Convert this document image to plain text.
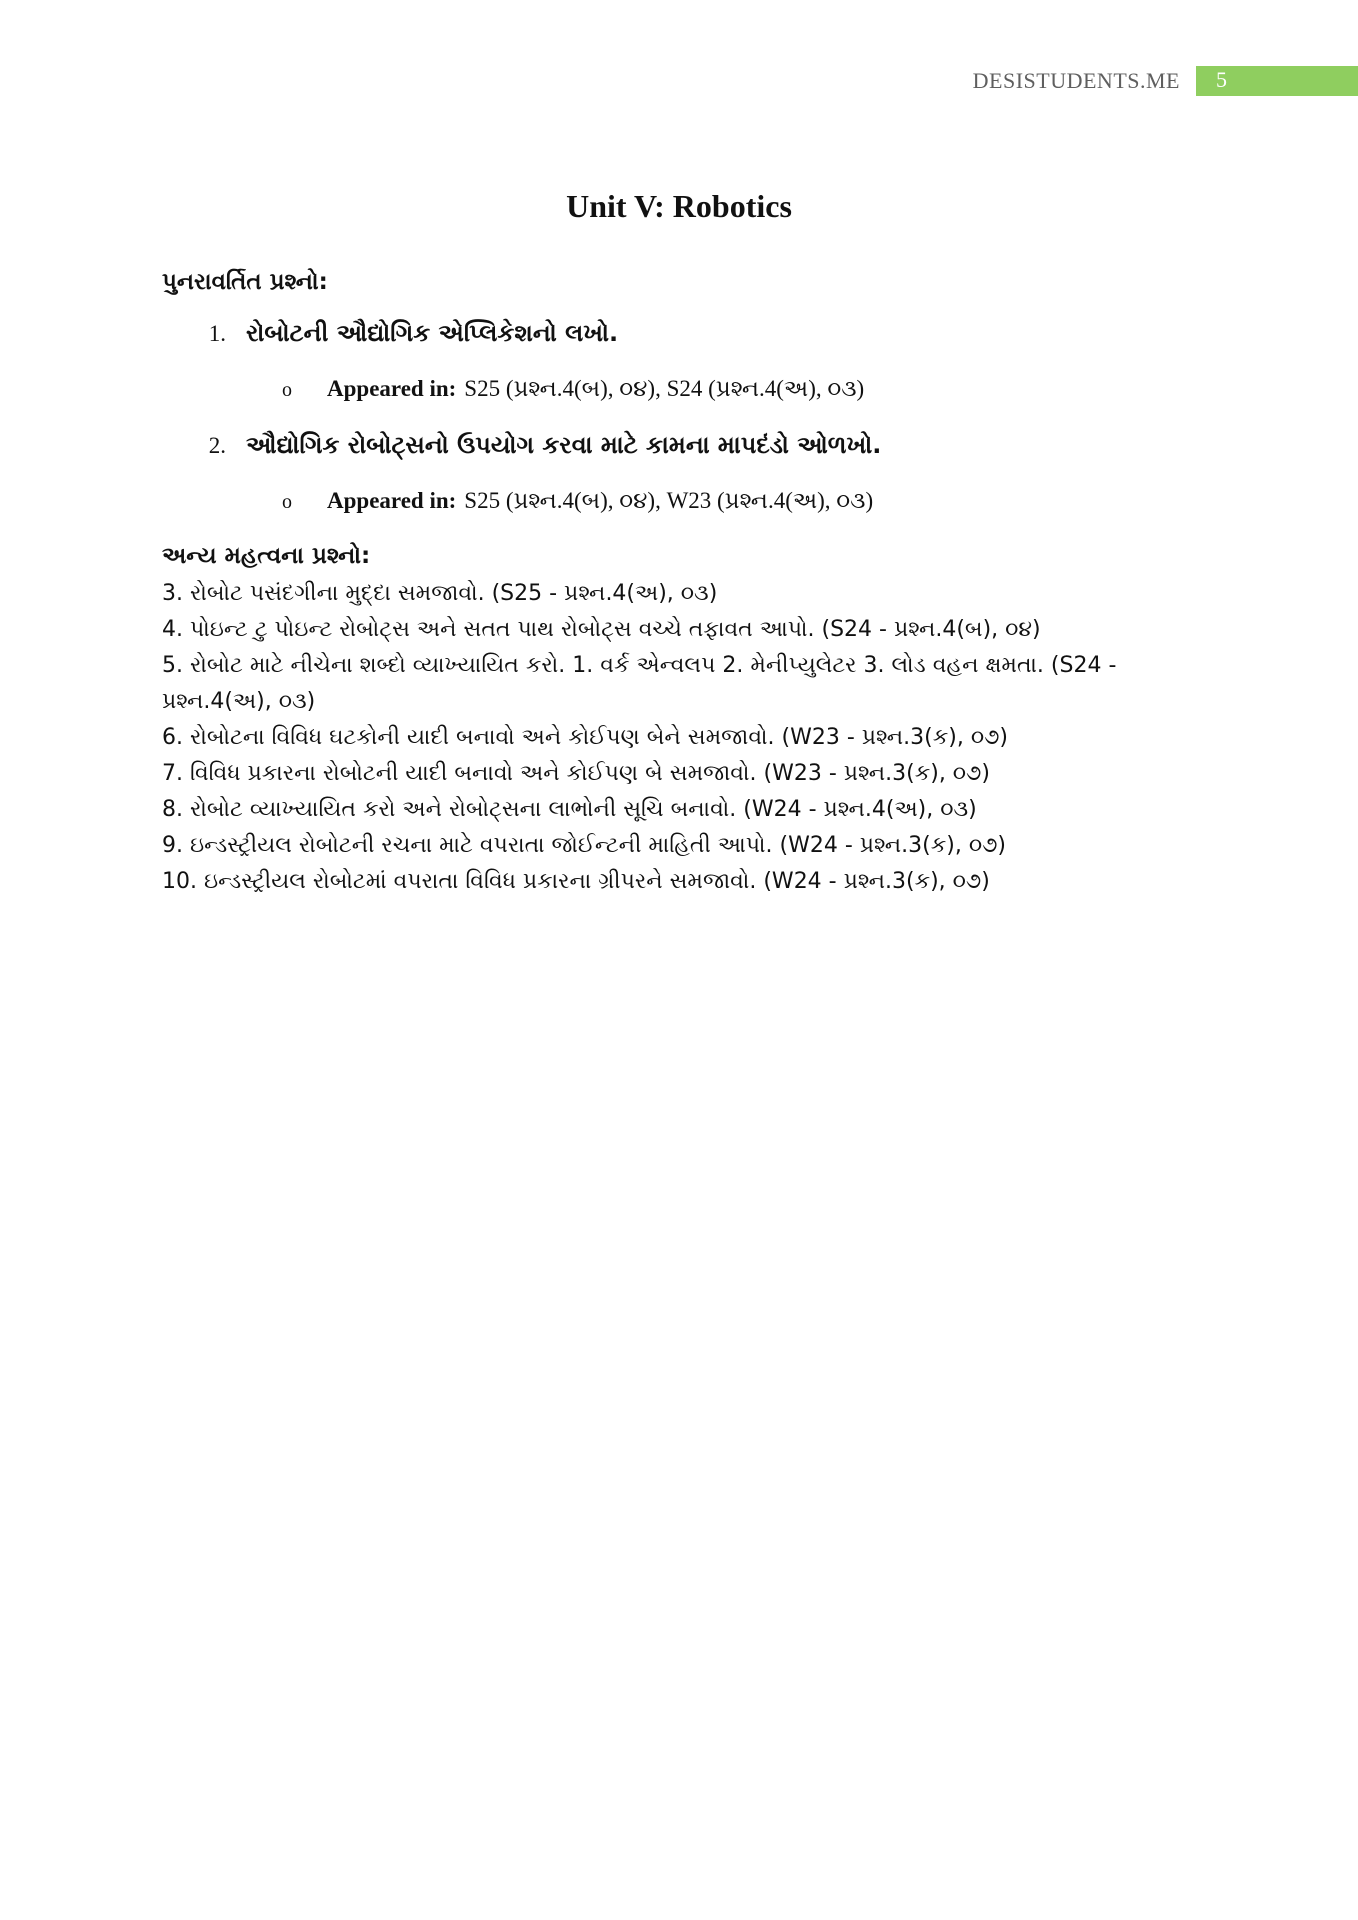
DESISTUDENTS.ME	5
Unit V: Robotics
પુનરાવર્તિત પ્રશ્નો:
1. રોબોટની ઔદ્યોગિક એપ્લિકેશનો લખો.
o	Appeared in: S25 (પ્રશ્ન.4(બ), ૦૪), S24 (પ્રશ્ન.4(અ), ૦૩)
2. ઔદ્યોગિક રોબોટ્સનો ઉપયોગ કરવા માટે કામના માપદંડો ઓળખો.
o	Appeared in: S25 (પ્રશ્ન.4(બ), ૦૪), W23 (પ્રશ્ન.4(અ), ૦૩)
અન્ય મહત્વના પ્રશ્નો:
3. રોબોટ પસંદગીના મુદ્દા સમજાવો. (S25 - પ્રશ્ન.4(અ), ૦૩)
4. પોઇન્ટ ટુ પોઇન્ટ રોબોટ્સ અને સતત પાથ રોબોટ્સ વચ્ચે તફાવત આપો. (S24 - પ્રશ્ન.4(બ), ૦૪)
5. રોબોટ માટે નીચેના શબ્દો વ્યાખ્યાયિત કરો. 1. વર્ક એન્વલપ 2. મેનીપ્યુલેટર 3. લોડ વહન ક્ષમતા. (S24 - પ્રશ્ન.4(અ), ૦૩)
6. રોબોટના વિવિધ ઘટકોની યાદી બનાવો અને કોઈપણ બેને સમજાવો. (W23 - પ્રશ્ન.3(ક), ૦૭)
7. વિવિધ પ્રકારના રોબોટની યાદી બનાવો અને કોઈપણ બે સમજાવો. (W23 - પ્રશ્ન.3(ક), ૦૭)
8. રોબોટ વ્યાખ્યાયિત કરો અને રોબોટ્સના લાભોની સૂચિ બનાવો. (W24 - પ્રશ્ન.4(અ), ૦૩)
9. ઇન્ડસ્ટ્રીયલ રોબોટની રચના માટે વપરાતા જોઈન્ટની માહિતી આપો. (W24 - પ્રશ્ન.3(ક), ૦૭)
10. ઇન્ડસ્ટ્રીયલ રોબોટમાં વપરાતા વિવિધ પ્રકારના ગ્રીપરને સમજાવો. (W24 - પ્રશ્ન.3(ક), ૦૭)
